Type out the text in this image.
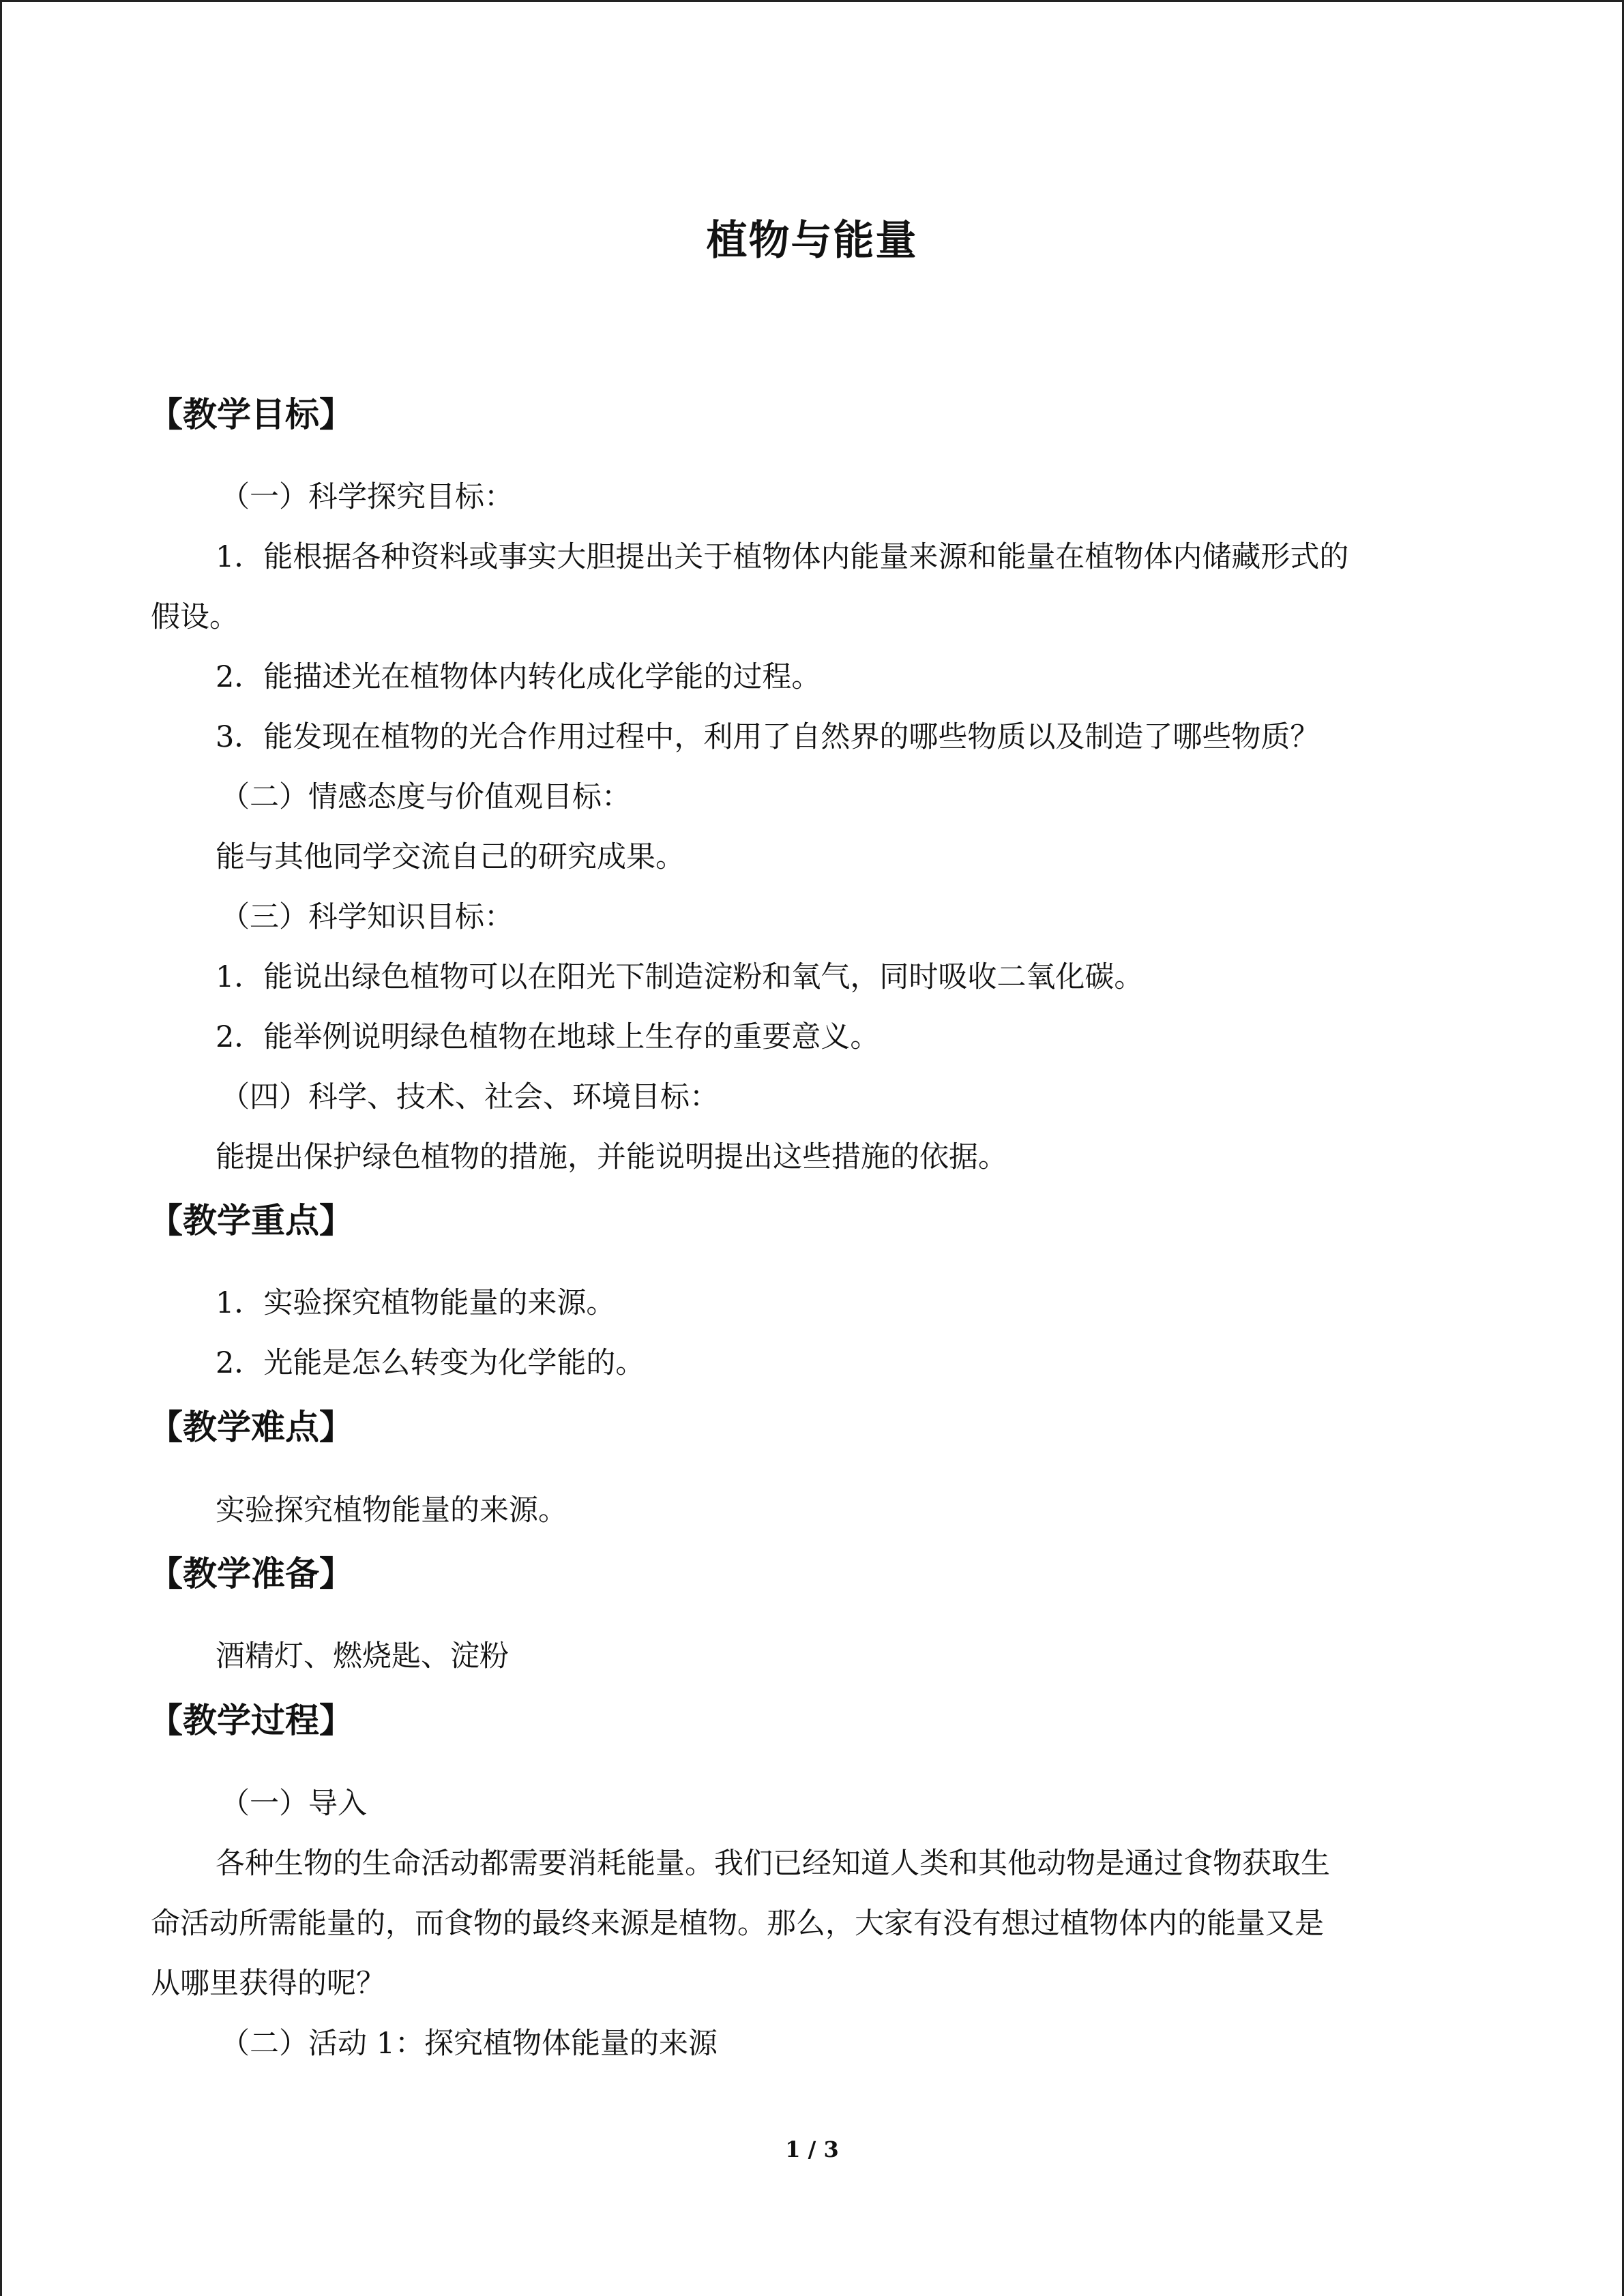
植物与能量
【教学目标】
（一）科学探究目标：
1．能根据各种资料或事实大胆提出关于植物体内能量来源和能量在植物体内储藏形式的
假设。
2．能描述光在植物体内转化成化学能的过程。
3．能发现在植物的光合作用过程中，利用了自然界的哪些物质以及制造了哪些物质？
（二）情感态度与价值观目标：
能与其他同学交流自己的研究成果。
（三）科学知识目标：
1．能说出绿色植物可以在阳光下制造淀粉和氧气，同时吸收二氧化碳。
2．能举例说明绿色植物在地球上生存的重要意义。
（四）科学、技术、社会、环境目标：
能提出保护绿色植物的措施，并能说明提出这些措施的依据。
【教学重点】
1．实验探究植物能量的来源。
2．光能是怎么转变为化学能的。
【教学难点】
实验探究植物能量的来源。
【教学准备】
酒精灯、燃烧匙、淀粉
【教学过程】
（一）导入
各种生物的生命活动都需要消耗能量。我们已经知道人类和其他动物是通过食物获取生
命活动所需能量的，而食物的最终来源是植物。那么，大家有没有想过植物体内的能量又是
从哪里获得的呢？
（二）活动 1：探究植物体能量的来源
1 / 3
